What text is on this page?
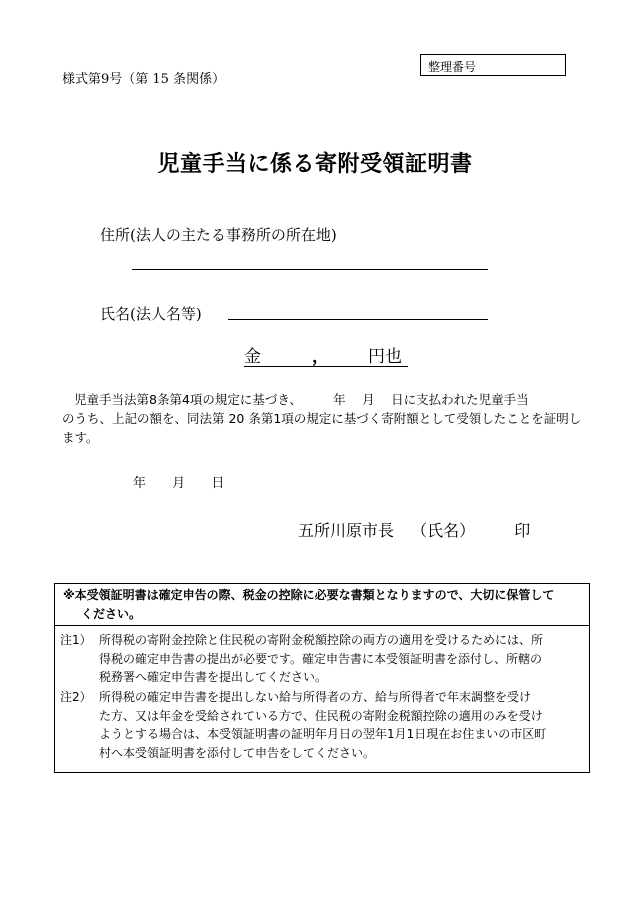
様式第9号（第 15 条関係）
整理番号
児童手当に係る寄附受領証明書
住所(法人の主たる事務所の所在地)
氏名(法人名等)
金	， 円也
児童手当法第8条第4項の規定に基づき、　　　年　 月　 日に支払われた児童手当
のうち、上記の額を、同法第 20 条第1項の規定に基づく寄附額として受領したことを証明し
ます。
年 月 日
五所川原市長 （氏名） 印
※本受領証明書は確定申告の際、税金の控除に必要な書類となりますので、大切に保管して
ください。
注1） 所得税の寄附金控除と住民税の寄附金税額控除の両方の適用を受けるためには、所
得税の確定申告書の提出が必要です。確定申告書に本受領証明書を添付し、所轄の
税務署へ確定申告書を提出してください。
注2） 所得税の確定申告書を提出しない給与所得者の方、給与所得者で年末調整を受け
た方、又は年金を受給されている方で、住民税の寄附金税額控除の適用のみを受け
ようとする場合は、本受領証明書の証明年月日の翌年1月1日現在お住まいの市区町
村へ本受領証明書を添付して申告をしてください。
